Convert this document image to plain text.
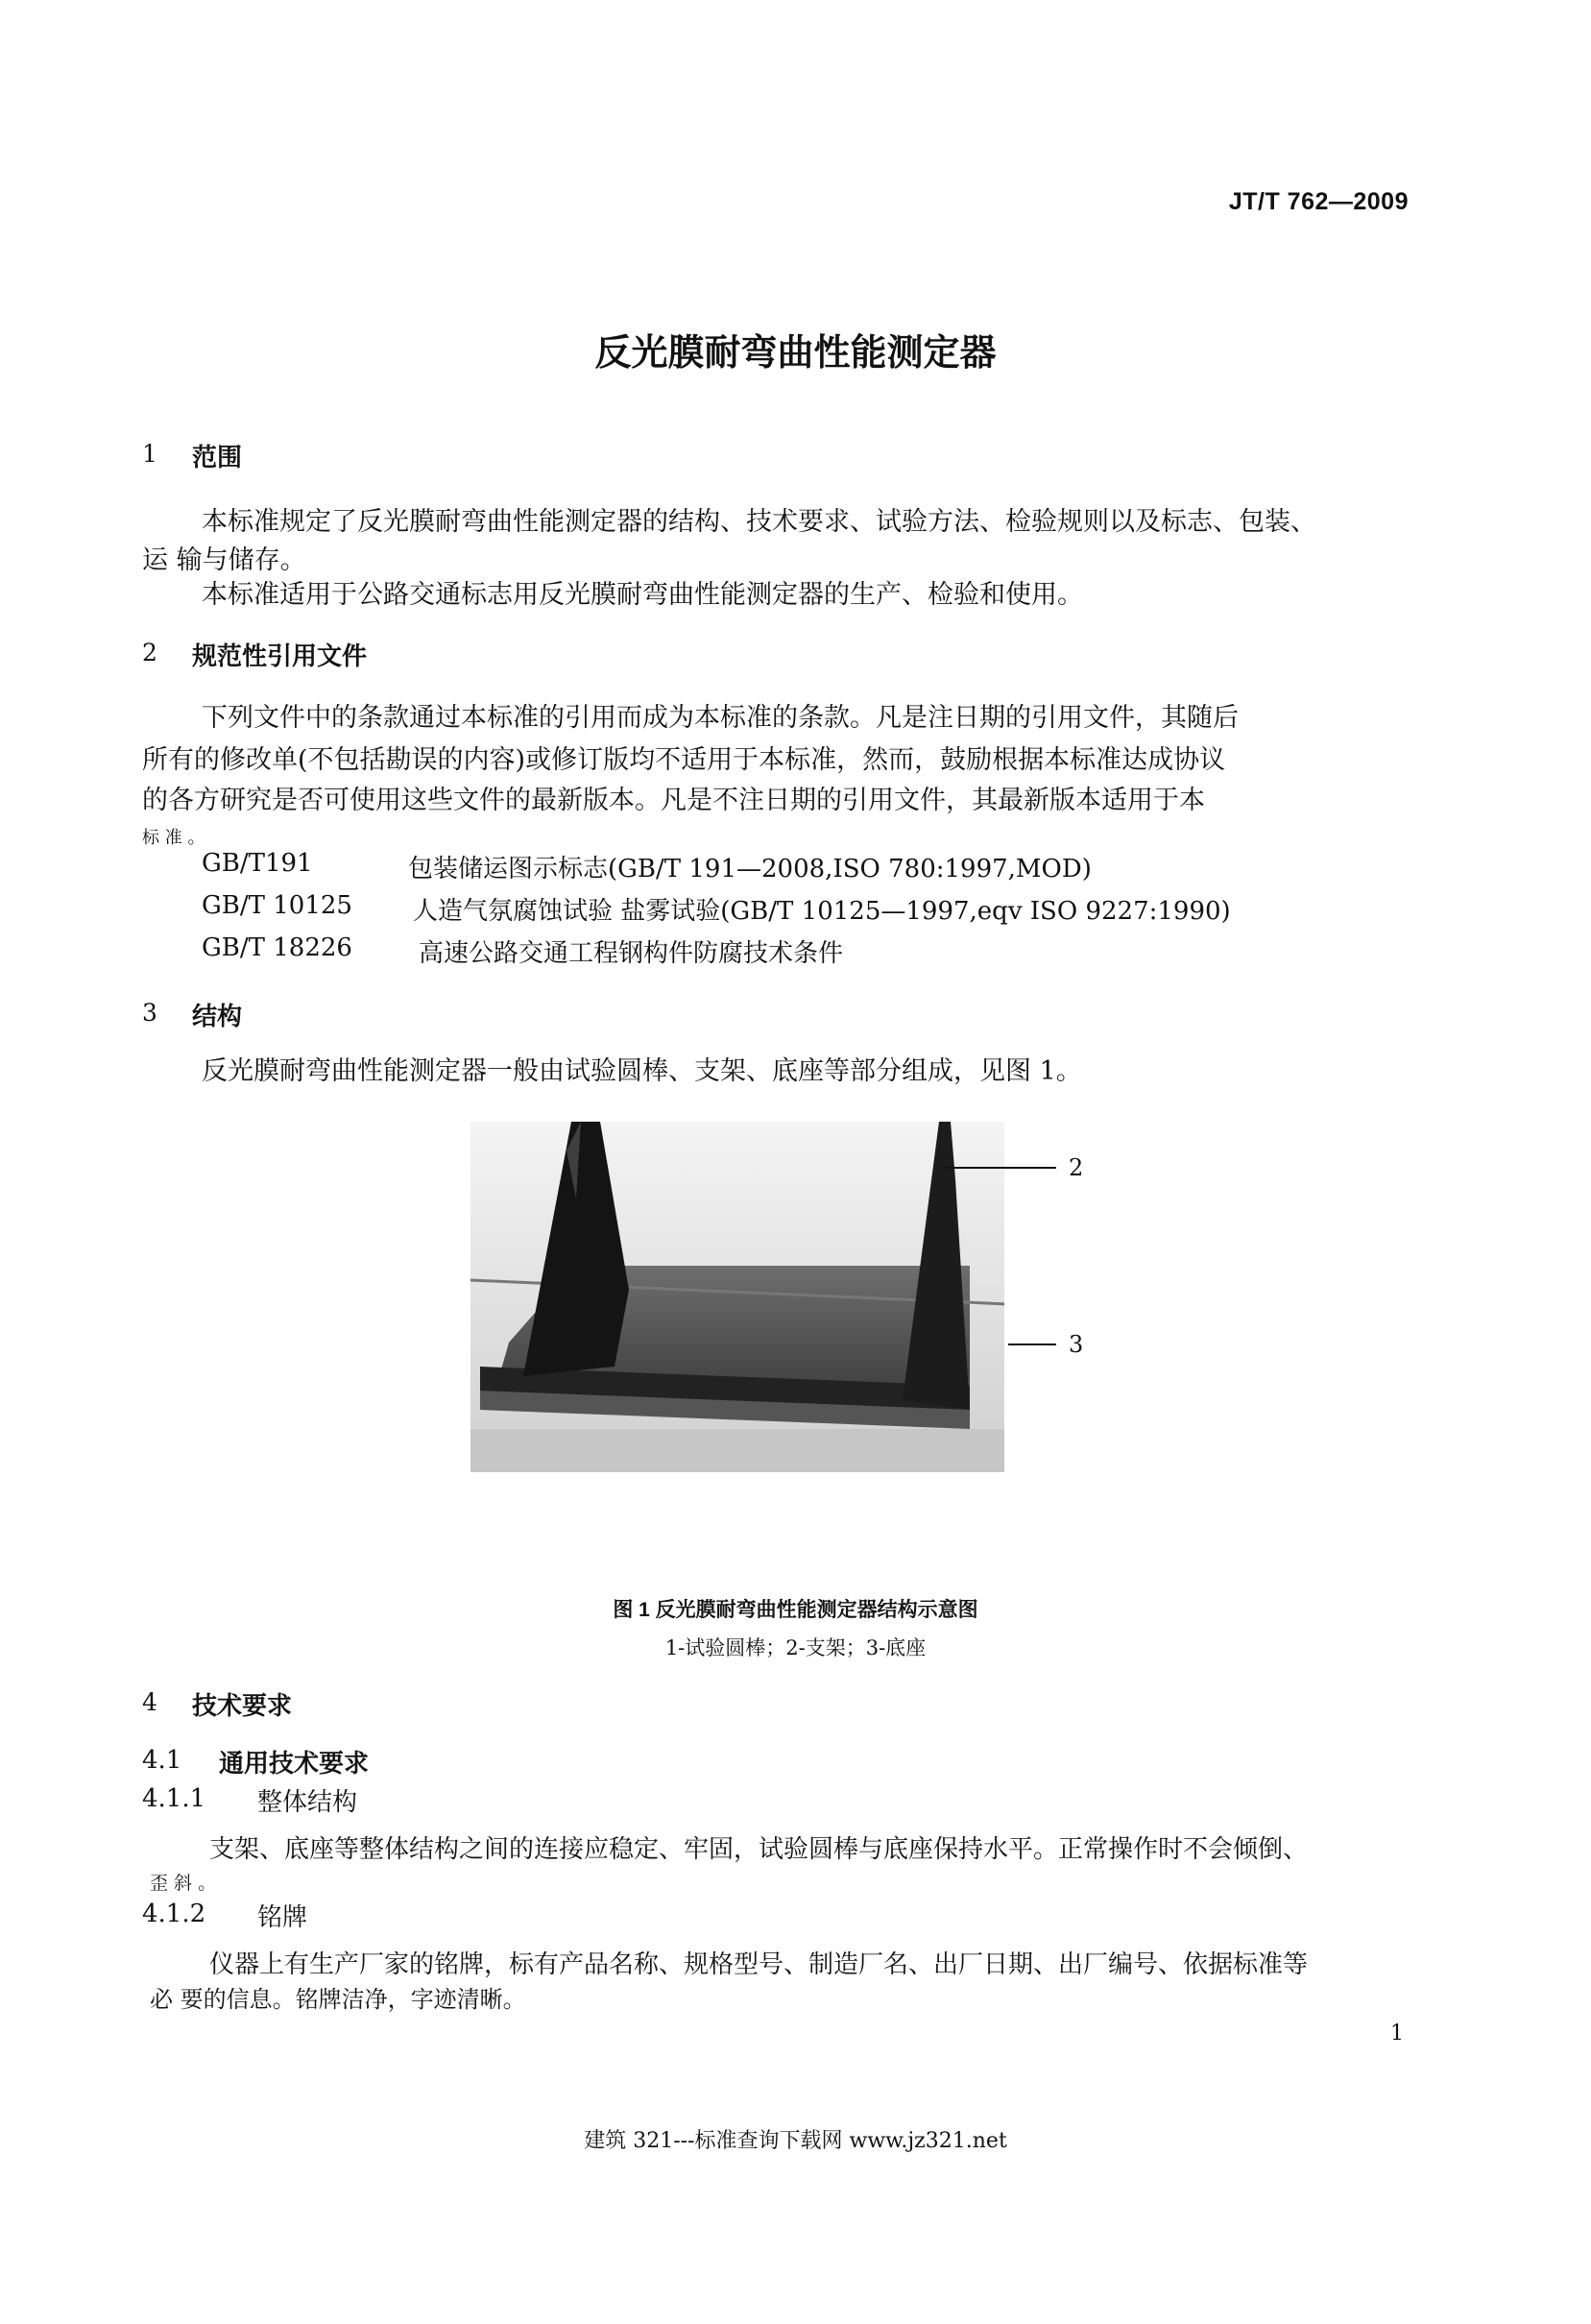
JT/T 762—2009
反光膜耐弯曲性能测定器
1 范围
本标准规定了反光膜耐弯曲性能测定器的结构、技术要求、试验方法、检验规则以及标志、包装、
运 输与储存。
本标准适用于公路交通标志用反光膜耐弯曲性能测定器的生产、检验和使用。
2 规范性引用文件
下列文件中的条款通过本标准的引用而成为本标准的条款。凡是注日期的引用文件，其随后
所有的修改单(不包括勘误的内容)或修订版均不适用于本标准，然而，鼓励根据本标准达成协议
的各方研究是否可使用这些文件的最新版本。凡是不注日期的引用文件，其最新版本适用于本
标 准 。
GB/T191	包装储运图示标志(GB/T 191—2008,ISO 780:1997,MOD)
GB/T 10125 人造气氛腐蚀试验 盐雾试验(GB/T 10125—1997,eqv ISO 9227:1990)
GB/T 18226	高速公路交通工程钢构件防腐技术条件
3 结构
反光膜耐弯曲性能测定器一般由试验圆棒、支架、底座等部分组成，见图 1。
2
3
图 1 反光膜耐弯曲性能测定器结构示意图
1-试验圆棒；2-支架；3-底座
4 技术要求
4.1 通用技术要求
4.1.1 整体结构
支架、底座等整体结构之间的连接应稳定、牢固，试验圆棒与底座保持水平。正常操作时不会倾倒、
歪 斜 。
4.1.2 铭牌
仪器上有生产厂家的铭牌，标有产品名称、规格型号、制造厂名、出厂日期、出厂编号、依据标准等
必 要的信息。铭牌洁净，字迹清晰。
1
建筑 321---标准查询下载网 www.jz321.net
